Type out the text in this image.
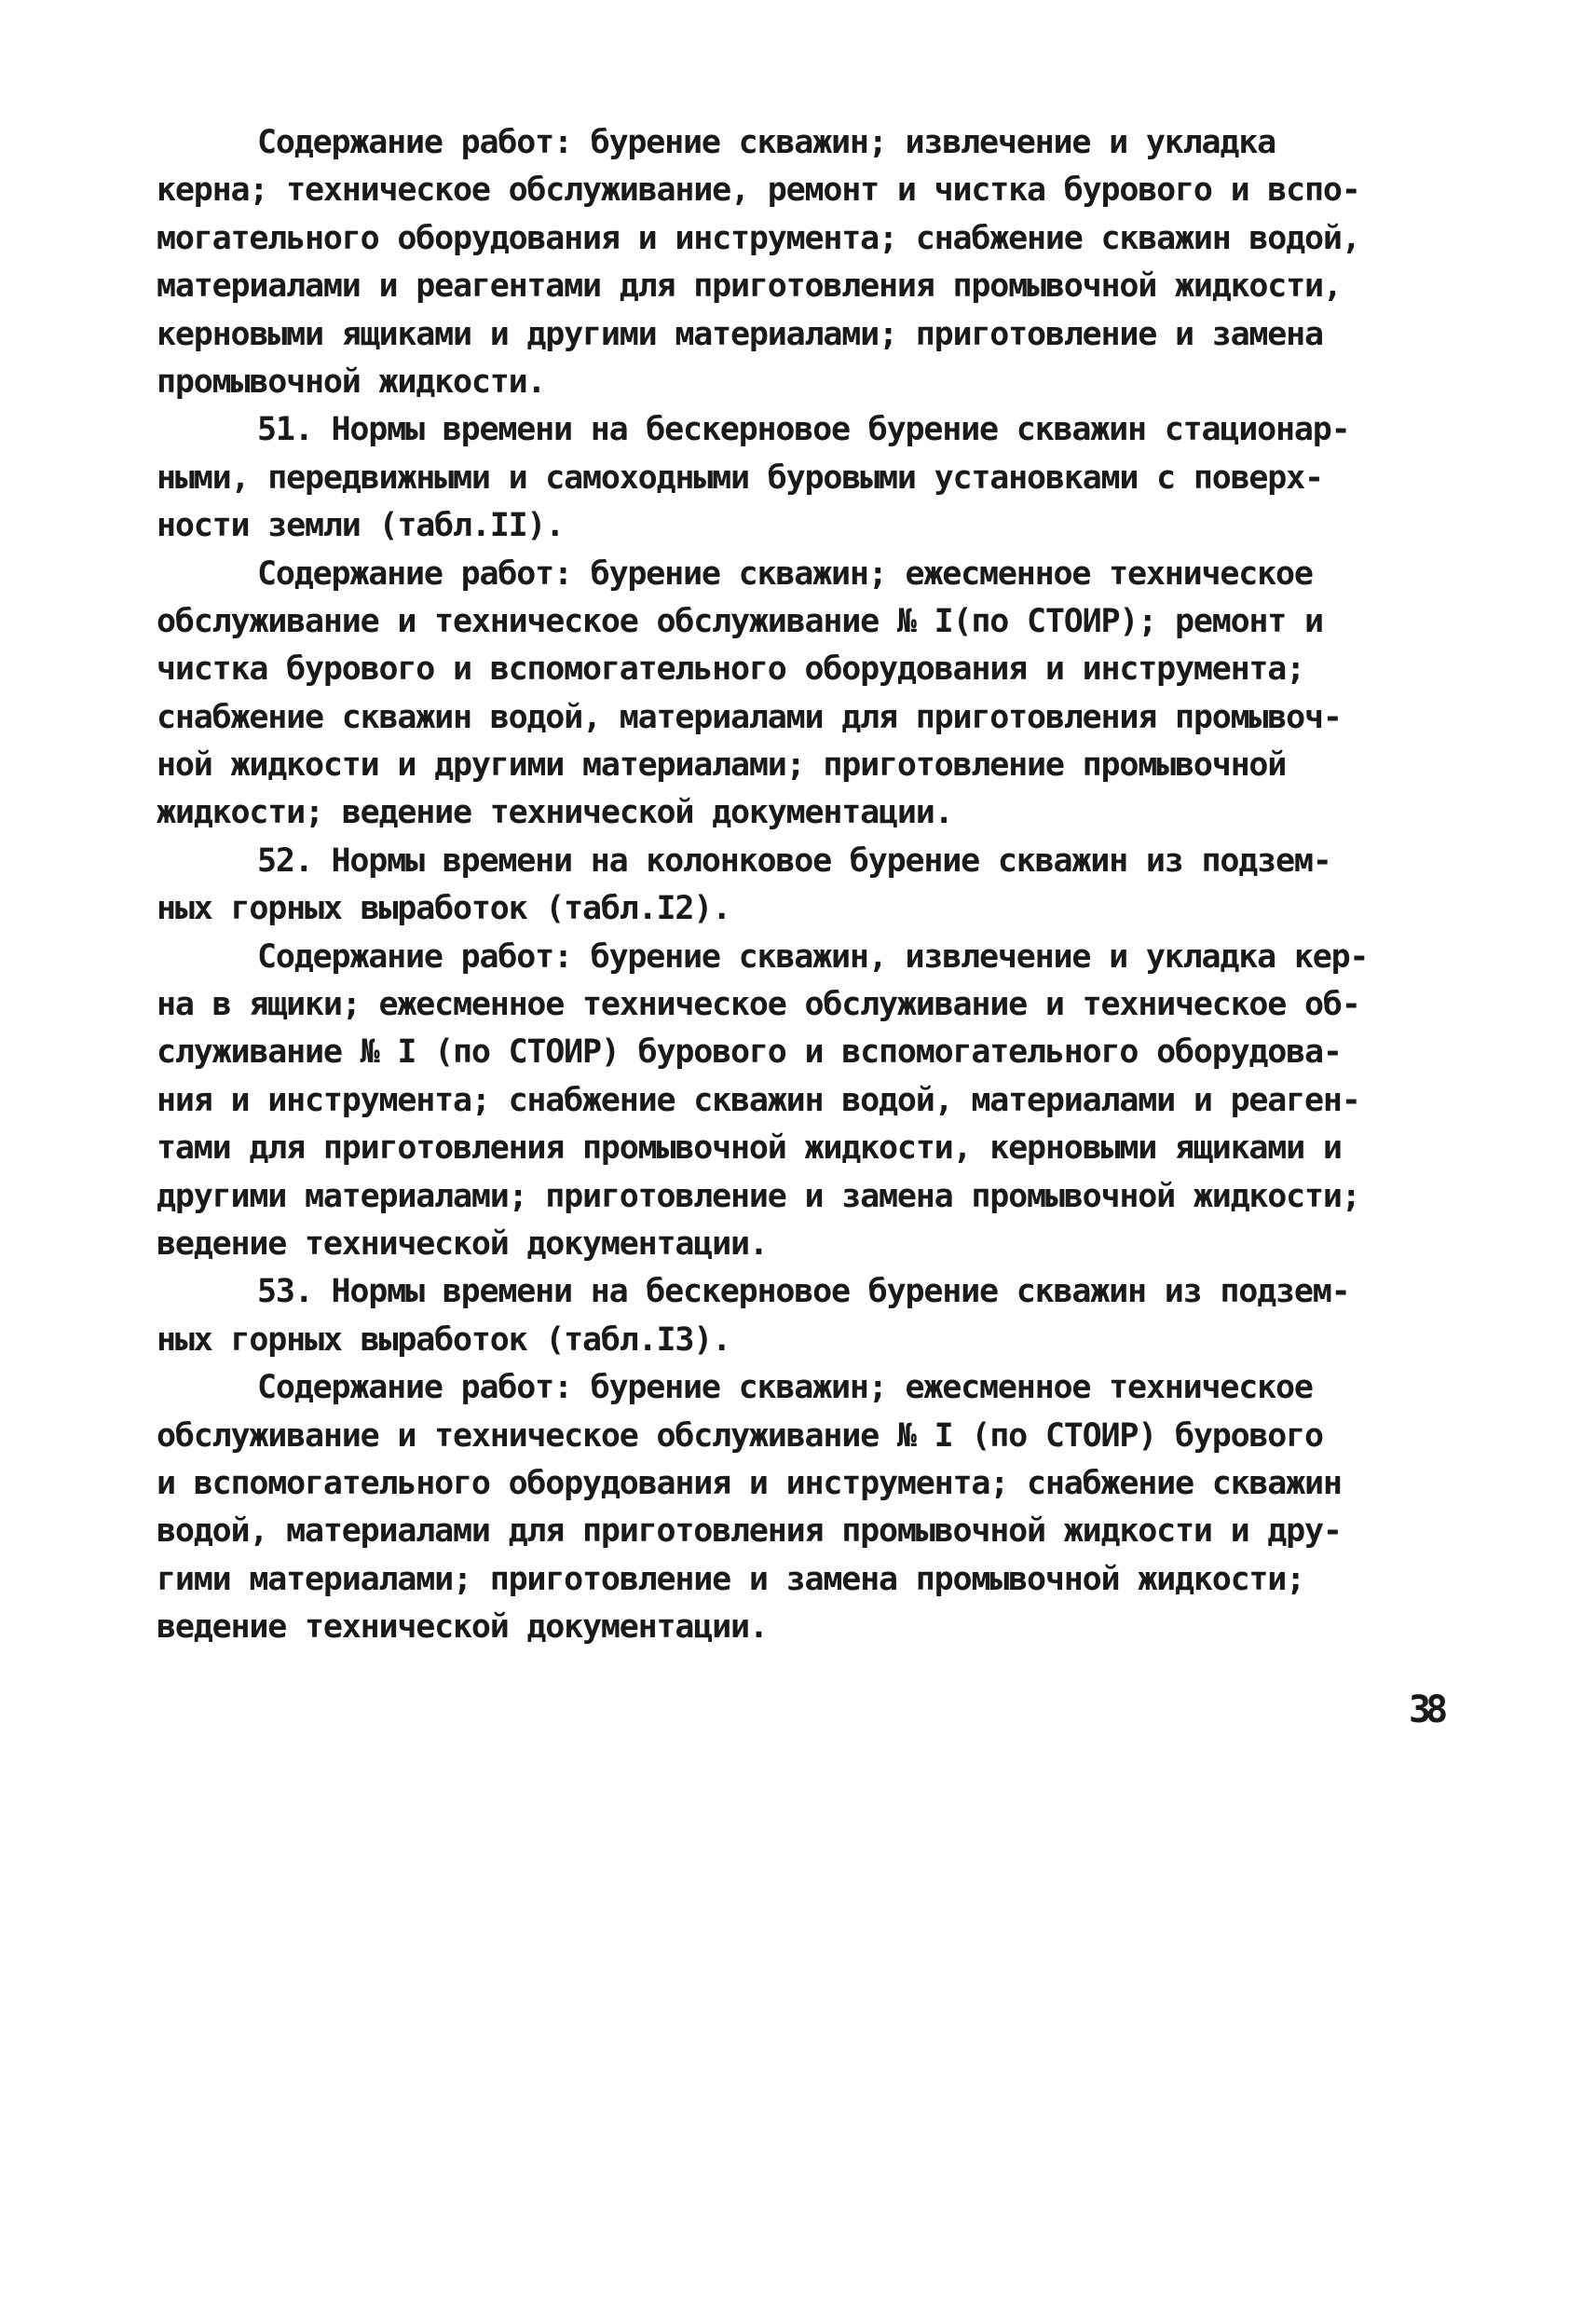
Содержание работ: бурение скважин; извлечение и укладка
керна; техническое обслуживание, ремонт и чистка бурового и вспо-
могательного оборудования и инструмента; снабжение скважин водой,
материалами и реагентами для приготовления промывочной жидкости,
керновыми ящиками и другими материалами; приготовление и замена
промывочной жидкости.
51. Нормы времени на бескерновое бурение скважин стационар-
ными, передвижными и самоходными буровыми установками с поверх-
ности земли (табл.II).
Содержание работ: бурение скважин; ежесменное техническое
обслуживание и техническое обслуживание № I(по СТОИР); ремонт и
чистка бурового и вспомогательного оборудования и инструмента;
снабжение скважин водой, материалами для приготовления промывоч-
ной жидкости и другими материалами; приготовление промывочной
жидкости; ведение технической документации.
52. Нормы времени на колонковое бурение скважин из подзем-
ных горных выработок (табл.I2).
Содержание работ: бурение скважин, извлечение и укладка кер-
на в ящики; ежесменное техническое обслуживание и техническое об-
служивание № I (по СТОИР) бурового и вспомогательного оборудова-
ния и инструмента; снабжение скважин водой, материалами и реаген-
тами для приготовления промывочной жидкости, керновыми ящиками и
другими материалами; приготовление и замена промывочной жидкости;
ведение технической документации.
53. Нормы времени на бескерновое бурение скважин из подзем-
ных горных выработок (табл.I3).
Содержание работ: бурение скважин; ежесменное техническое
обслуживание и техническое обслуживание № I (по СТОИР) бурового
и вспомогательного оборудования и инструмента; снабжение скважин
водой, материалами для приготовления промывочной жидкости и дру-
гими материалами; приготовление и замена промывочной жидкости;
ведение технической документации.
38
